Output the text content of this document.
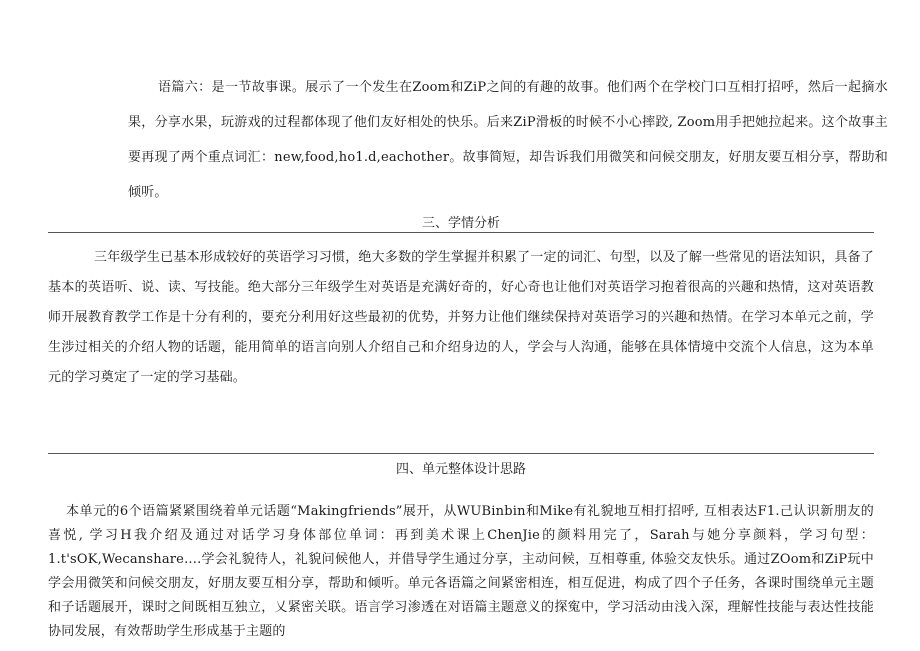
语篇六：是一节故事课。展示了一个发生在Zoom和ZiP之间的有趣的故事。他们两个在学校门口互相打招呼，然后一起摘水果，分享水果，玩游戏的过程都体现了他们友好相处的快乐。后来ZiP滑板的时候不小心摔跤, Zoom用手把她拉起来。这个故事主要再现了两个重点词汇：new,food,ho1.d,eachother。故事简短，却告诉我们用微笑和问候交朋友，好朋友要互相分享，帮助和倾听。

三、学情分析

三年级学生已基本形成较好的英语学习习惯，绝大多数的学生掌握并积累了一定的词汇、句型，以及了解一些常见的语法知识，具备了基本的英语听、说、读、写技能。绝大部分三年级学生对英语是充满好奇的，好心奇也让他们对英语学习抱着很高的兴趣和热情，这对英语教师开展教育教学工作是十分有利的，要充分利用好这些最初的优势，并努力让他们继续保持对英语学习的兴趣和热情。在学习本单元之前，学生涉过相关的介绍人物的话题，能用简单的语言向别人介绍自己和介绍身边的人，学会与人沟通，能够在具体情境中交流个人信息，这为本单元的学习奠定了一定的学习基础。

四、单元整体设计思路

本单元的6个语篇紧紧围绕着单元话题“Makingfriends”展开，从WUBinbin和Mike有礼貌地互相打招呼, 互相表达F1.己认识新朋友的喜悦, 学习H我介绍及通过对话学习身体部位单词：再到美术课上ChenJie的颜料用完了，Sarah与她分享颜料，学习句型：1.t'sOK,Wecanshare....学会礼貌待人，礼貌问候他人，并借导学生通过分享，主动问候，互相尊重, 体验交友快乐。通过ZOom和ZiP玩中学会用微笑和问候交朋友，好朋友要互相分享，帮助和倾听。单元各语篇之间紧密相连，相互促进，构成了四个子任务，各课时围绕单元主题和子话题展开，课时之间既相互独立，乂紧密关联。语言学习渗透在对语篇主题意义的探寃中，学习活动由浅入深，理解性技能与表达性技能协同发展，有效帮助学生形成基于主题的
